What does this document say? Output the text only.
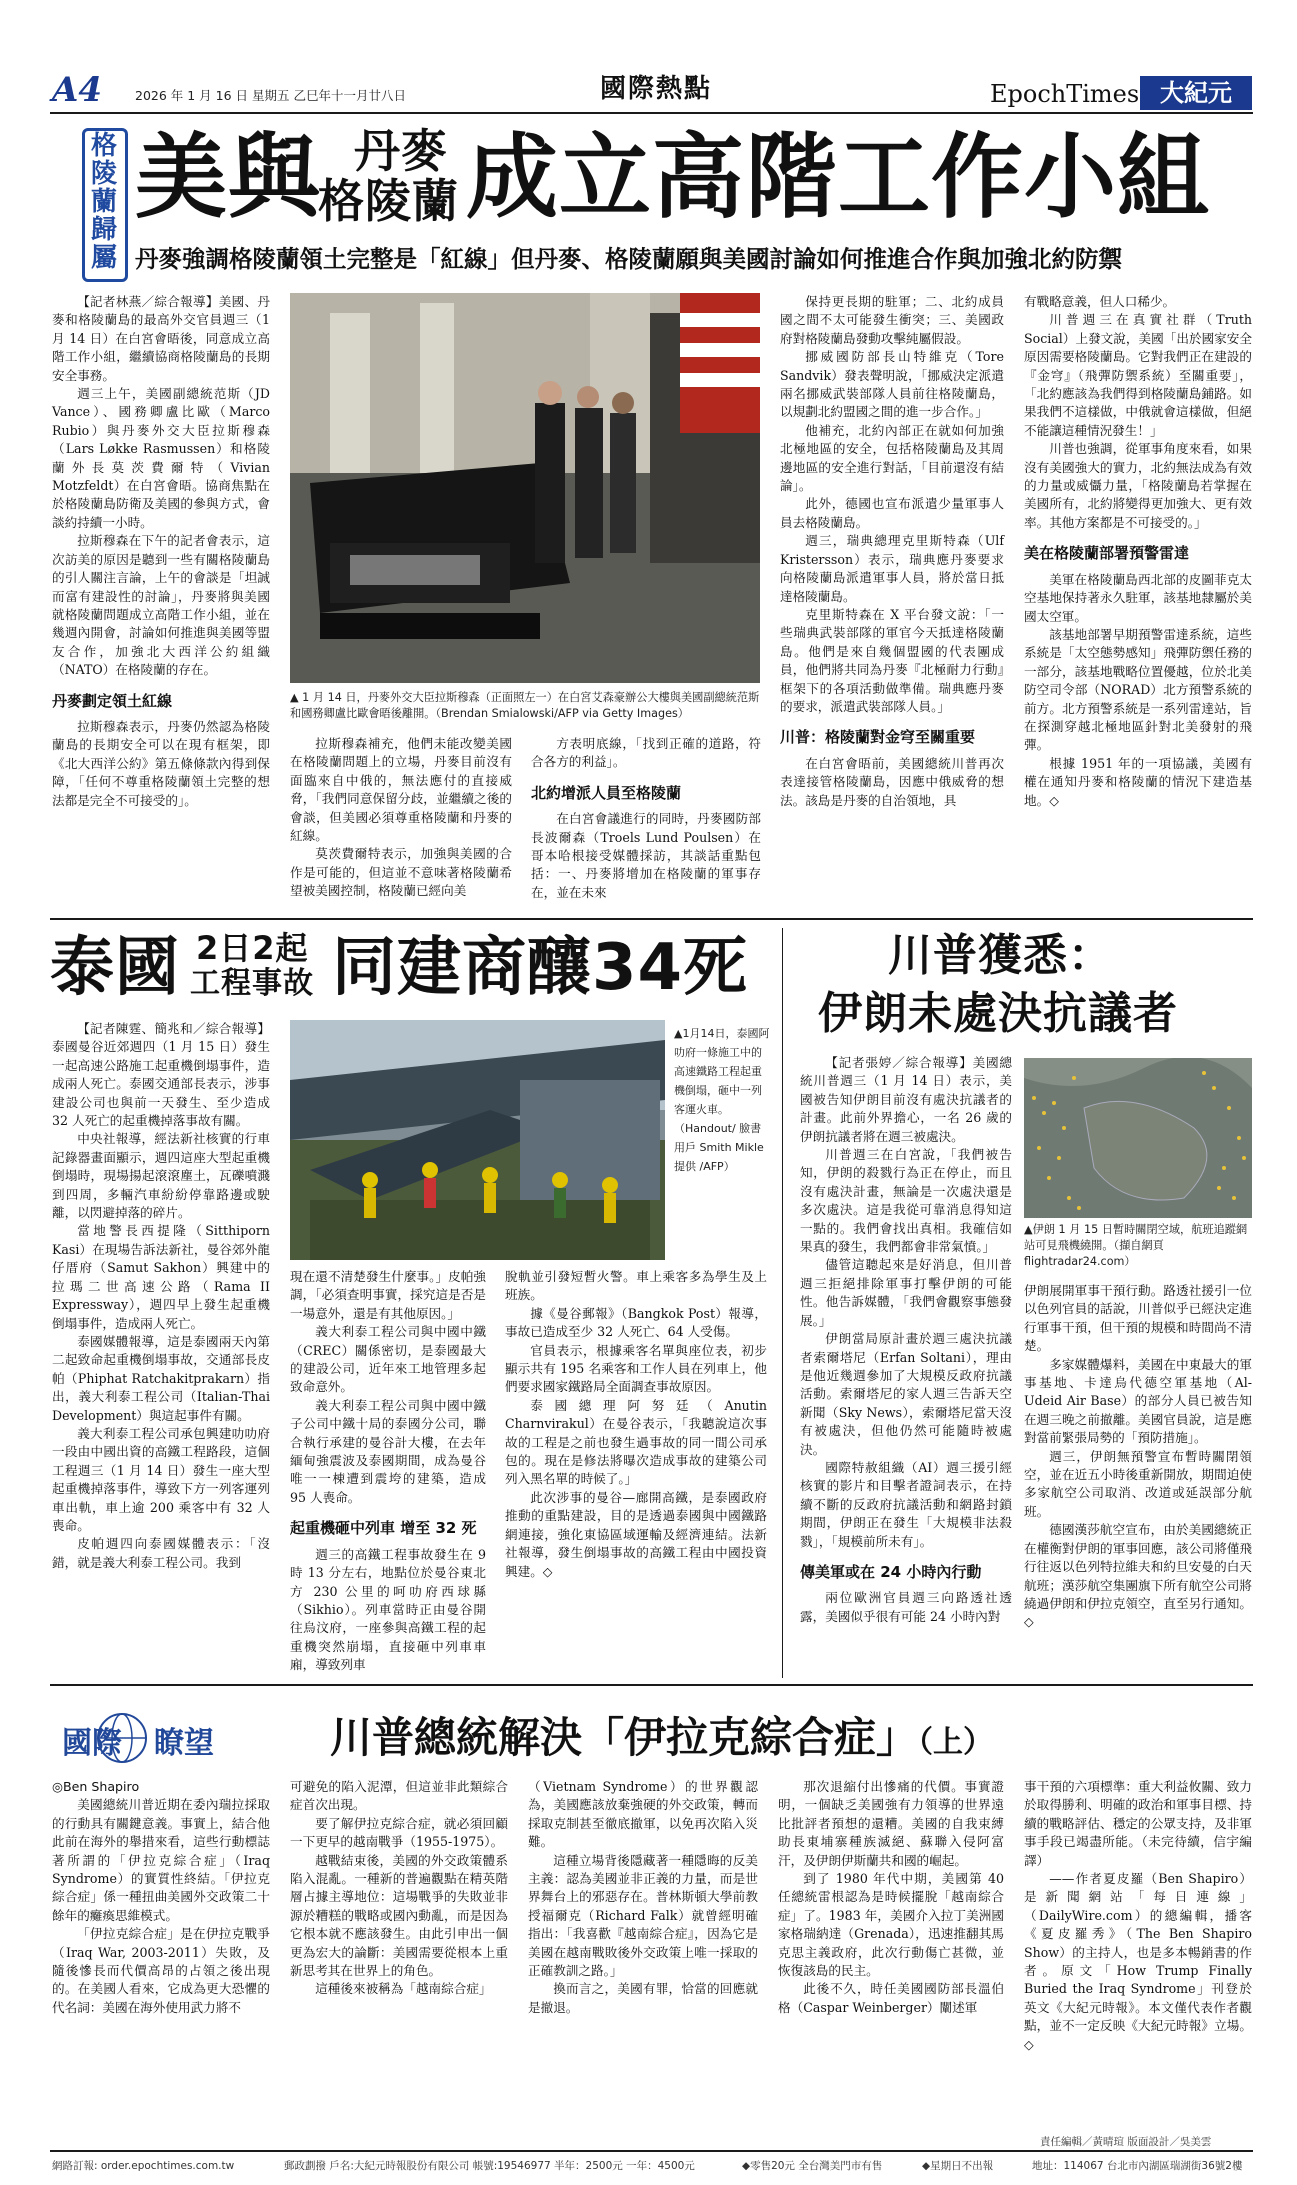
A4	2026 年 1 月 16 日 星期五 乙巳年十一月廿八日	國際熱點	EpochTimes 大紀元
格陵蘭歸屬
美與 丹麥
格陵蘭 成立高階工作小組
丹麥強調格陵蘭領土完整是「紅線」但丹麥、格陵蘭願與美國討論如何推進合作與加強北約防禦

【記者林燕／綜合報導】美國、丹麥和格陵蘭島的最高外交官員週三（1 月 14 日）在白宮會晤後，同意成立高階工作小組，繼續協商格陵蘭島的長期安全事務。

週三上午，美國副總統范斯（JD Vance）、國務卿盧比歐（Marco Rubio）與丹麥外交大臣拉斯穆森（Lars Løkke Rasmussen）和格陵蘭外長莫茨費爾特（Vivian Motzfeldt）在白宮會晤。協商焦點在於格陵蘭島防衛及美國的參與方式，會談約持續一小時。

拉斯穆森在下午的記者會表示，這次訪美的原因是聽到一些有關格陵蘭島的引人關注言論，上午的會談是「坦誠而富有建設性的討論」，丹麥將與美國就格陵蘭問題成立高階工作小組，並在幾週內開會，討論如何推進與美國等盟友合作，加強北大西洋公約組織（NATO）在格陵蘭的存在。

丹麥劃定領土紅線

拉斯穆森表示，丹麥仍然認為格陵蘭島的長期安全可以在現有框架，即《北大西洋公約》第五條條款內得到保障，「任何不尊重格陵蘭領土完整的想法都是完全不可接受的」。

▲ 1 月 14 日，丹麥外交大臣拉斯穆森（正面照左一）在白宮艾森豪辦公大樓與美國副總統范斯和國務卿盧比歐會晤後離開。（Brendan Smialowski/AFP via Getty Images）

拉斯穆森補充，他們未能改變美國在格陵蘭問題上的立場，丹麥目前沒有面臨來自中俄的，無法應付的直接威脅，「我們同意保留分歧，並繼續之後的會談，但美國必須尊重格陵蘭和丹麥的紅線。

莫茨費爾特表示，加強與美國的合作是可能的，但這並不意味著格陵蘭希望被美國控制，格陵蘭已經向美

方表明底線，「找到正確的道路，符合各方的利益」。

北約增派人員至格陵蘭

在白宮會議進行的同時，丹麥國防部長波爾森（Troels Lund Poulsen）在哥本哈根接受媒體採訪，其談話重點包括：一、丹麥將增加在格陵蘭的軍事存在，並在未來

保持更長期的駐軍；二、北約成員國之間不太可能發生衝突；三、美國政府對格陵蘭島發動攻擊純屬假設。

挪威國防部長山特維克（Tore Sandvik）發表聲明說，「挪威決定派遣兩名挪威武裝部隊人員前往格陵蘭島，以規劃北約盟國之間的進一步合作。」

他補充，北約內部正在就如何加強北極地區的安全，包括格陵蘭島及其周邊地區的安全進行對話，「目前還沒有結論」。

此外，德國也宣布派遣少量軍事人員去格陵蘭島。

週三，瑞典總理克里斯特森（Ulf Kristersson）表示，瑞典應丹麥要求向格陵蘭島派遣軍事人員，將於當日抵達格陵蘭島。

克里斯特森在 X 平台發文說：「一些瑞典武裝部隊的軍官今天抵達格陵蘭島。他們是來自幾個盟國的代表團成員，他們將共同為丹麥『北極耐力行動』框架下的各項活動做準備。瑞典應丹麥的要求，派遣武裝部隊人員。」

川普：格陵蘭對金穹至關重要

在白宮會晤前，美國總統川普再次表達接管格陵蘭島，因應中俄威脅的想法。該島是丹麥的自治領地，具

有戰略意義，但人口稀少。

川普週三在真實社群（Truth Social）上發文說，美國「出於國家安全原因需要格陵蘭島。它對我們正在建設的『金穹』（飛彈防禦系統）至關重要」，「北約應該為我們得到格陵蘭島鋪路。如果我們不這樣做，中俄就會這樣做，但絕不能讓這種情況發生！」

川普也強調，從軍事角度來看，如果沒有美國強大的實力，北約無法成為有效的力量或威懾力量，「格陵蘭島若掌握在美國所有，北約將變得更加強大、更有效率。其他方案都是不可接受的。」

美在格陵蘭部署預警雷達

美軍在格陵蘭島西北部的皮圖菲克太空基地保持著永久駐軍，該基地隸屬於美國太空軍。

該基地部署早期預警雷達系統，這些系統是「太空態勢感知」飛彈防禦任務的一部分，該基地戰略位置優越，位於北美防空司令部（NORAD）北方預警系統的前方。北方預警系統是一系列雷達站，旨在探測穿越北極地區針對北美發射的飛彈。

根據 1951 年的一項協議，美國有權在通知丹麥和格陵蘭的情況下建造基地。◇

泰國 2日2起
工程事故 同建商釀34死

【記者陳霆、簡兆和／綜合報導】泰國曼谷近郊週四（1 月 15 日）發生一起高速公路施工起重機倒塌事件，造成兩人死亡。泰國交通部長表示，涉事建設公司也與前一天發生、至少造成 32 人死亡的起重機掉落事故有關。

中央社報導，經法新社核實的行車記錄器畫面顯示，週四這座大型起重機倒塌時，現場揚起滾滾塵土，瓦礫噴濺到四周，多輛汽車紛紛停靠路邊或駛離，以閃避掉落的碎片。

當地警長西提隆（Sitthiporn Kasi）在現場告訴法新社，曼谷郊外龍仔厝府（Samut Sakhon）興建中的拉瑪二世高速公路（Rama II Expressway），週四早上發生起重機倒塌事件，造成兩人死亡。

泰國媒體報導，這是泰國兩天內第二起致命起重機倒塌事故，交通部長皮帕（Phiphat Ratchakitprakarn）指出，義大利泰工程公司（Italian-Thai Development）與這起事件有關。

義大利泰工程公司承包興建叻叻府一段由中國出資的高鐵工程路段，這個工程週三（1 月 14 日）發生一座大型起重機掉落事件，導致下方一列客運列車出軌，車上逾 200 乘客中有 32 人喪命。

皮帕週四向泰國媒體表示：「沒錯，就是義大利泰工程公司。我到

▲1月14日，泰國阿叻府一條施工中的高速鐵路工程起重機倒塌，砸中一列客運火車。（Handout/ 臉書用戶 Smith Mikle 提供 /AFP）

現在還不清楚發生什麼事。」皮帕強調，「必須查明事實，採究這是否是一場意外，還是有其他原因。」

義大利泰工程公司與中國中鐵（CREC）關係密切，是泰國最大的建設公司，近年來工地管理多起致命意外。

義大利泰工程公司與中國中鐵子公司中鐵十局的泰國分公司，聯合執行承建的曼谷計大樓，在去年緬甸強震波及泰國期間，成為曼谷唯一一棟遭到震垮的建築，造成 95 人喪命。

起重機砸中列車 增至 32 死

週三的高鐵工程事故發生在 9 時 13 分左右，地點位於曼谷東北方 230 公里的呵叻府西球縣（Sikhio）。列車當時正由曼谷開往烏汶府，一座參與高鐵工程的起重機突然崩塌，直接砸中列車車廂，導致列車

脫軌並引發短暫火警。車上乘客多為學生及上班族。

據《曼谷郵報》（Bangkok Post）報導，事故已造成至少 32 人死亡、64 人受傷。

官員表示，根據乘客名單與座位表，初步顯示共有 195 名乘客和工作人員在列車上，他們要求國家鐵路局全面調查事故原因。

泰國總理阿努廷（Anutin Charnvirakul）在曼谷表示，「我聽說這次事故的工程是之前也發生過事故的同一間公司承包的。現在是修法將曝次造成事故的建築公司列入黑名單的時候了。」

此次涉事的曼谷—廊開高鐵，是泰國政府推動的重點建設，目的是透過泰國與中國鐵路網連接，強化東協區域運輸及經濟連結。法新社報導，發生倒塌事故的高鐵工程由中國投資興建。◇

川普獲悉：
伊朗未處決抗議者

【記者張婷／綜合報導】美國總統川普週三（1 月 14 日）表示，美國被告知伊朗目前沒有處決抗議者的計畫。此前外界擔心，一名 26 歲的伊朗抗議者將在週三被處決。

川普週三在白宮說，「我們被告知，伊朗的殺戮行為正在停止，而且沒有處決計畫，無論是一次處決還是多次處決。這是我從可靠消息得知這一點的。我們會找出真相。我確信如果真的發生，我們都會非常氣憤。」

儘管這聽起來是好消息，但川普週三拒絕排除軍事打擊伊朗的可能性。他告訴媒體，「我們會觀察事態發展。」

伊朗當局原計畫於週三處決抗議者索爾塔尼（Erfan Soltani），理由是他近幾週參加了大規模反政府抗議活動。索爾塔尼的家人週三告訴天空新聞（Sky News），索爾塔尼當天沒有被處決，但他仍然可能隨時被處決。

國際特赦組織（AI）週三援引經核實的影片和目擊者證詞表示，在持續不斷的反政府抗議活動和網路封鎖期間，伊朗正在發生「大規模非法殺戮」，「規模前所未有」。

傳美軍或在 24 小時內行動

兩位歐洲官員週三向路透社透露，美國似乎很有可能 24 小時內對

▲伊朗 1 月 15 日暫時關閉空域，航班追蹤網站可見飛機繞開。（擷自網頁 flightradar24.com）

伊朗展開軍事干預行動。路透社援引一位以色列官員的話說，川普似乎已經決定進行軍事干預，但干預的規模和時間尚不清楚。

多家媒體爆料，美國在中東最大的軍事基地、卡達烏代德空軍基地（Al-Udeid Air Base）的部分人員已被告知在週三晚之前撤離。美國官員說，這是應對當前緊張局勢的「預防措施」。

週三，伊朗無預警宣布暫時關閉領空，並在近五小時後重新開放，期間迫使多家航空公司取消、改道或延誤部分航班。

德國漢莎航空宣布，由於美國總統正在權衡對伊朗的軍事回應，該公司將僅飛行往返以色列特拉維夫和約旦安曼的白天航班；漢莎航空集團旗下所有航空公司將繞過伊朗和伊拉克領空，直至另行通知。◇

國際 瞭望	川普總統解決「伊拉克綜合症」（上）

◎Ben Shapiro

美國總統川普近期在委內瑞拉採取的行動具有關鍵意義。事實上，結合他此前在海外的舉措來看，這些行動標誌著所謂的「伊拉克綜合症」（Iraq Syndrome）的實質性終結。「伊拉克綜合症」係一種扭曲美國外交政策二十餘年的癱瘓思維模式。

「伊拉克綜合症」是在伊拉克戰爭（Iraq War, 2003-2011）失敗，及隨後慘長而代價高昂的占領之後出現的。在美國人看來，它成為更大恐懼的代名詞：美國在海外使用武力將不

可避免的陷入泥潭，但這並非此類綜合症首次出現。

要了解伊拉克綜合症，就必須回顧一下更早的越南戰爭（1955-1975）。

越戰結束後，美國的外交政策體系陷入混亂。一種新的普遍觀點在精英階層占據主導地位：這場戰爭的失敗並非源於糟糕的戰略或國內動亂，而是因為它根本就不應該發生。由此引申出一個更為宏大的論斷：美國需要從根本上重新思考其在世界上的角色。

這種後來被稱為「越南綜合症」

（Vietnam Syndrome）的世界觀認為，美國應該放棄強硬的外交政策，轉而採取克制甚至徹底撤軍，以免再次陷入災難。

這種立場背後隱藏著一種隱晦的反美主義：認為美國並非正義的力量，而是世界舞台上的邪惡存在。普林斯頓大學前教授福爾克（Richard Falk）就曾經明確指出：「我喜歡『越南綜合症』，因為它是美國在越南戰敗後外交政策上唯一採取的正確教訓之路。」

換而言之，美國有罪，恰當的回應就是撤退。

那次退縮付出慘痛的代價。事實證明，一個缺乏美國強有力領導的世界遠比批評者預想的還糟。美國的自我束縛助長東埔寨種族滅絕、蘇聯入侵阿富汗，及伊朗伊斯蘭共和國的崛起。

到了 1980 年代中期，美國第 40 任總統雷根認為是時候擺脫「越南綜合症」了。1983 年，美國介入拉丁美洲國家格瑞納達（Grenada），迅速推翻其馬克思主義政府，此次行動傷亡甚微，並恢復該島的民主。

此後不久，時任美國國防部長溫伯格（Caspar Weinberger）闡述軍

事干預的六項標準：重大利益攸關、致力於取得勝利、明確的政治和軍事目標、持續的戰略評估、穩定的公眾支持，及非軍事手段已竭盡所能。（未完待續，信宇編譯）

——作者夏皮羅（Ben Shapiro）是新聞網站「每日連線」（DailyWire.com）的總編輯，播客《夏皮羅秀》（The Ben Shapiro Show）的主持人，也是多本暢銷書的作者。原文「How Trump Finally Buried the Iraq Syndrome」刊登於英文《大紀元時報》。本文僅代表作者觀點，並不一定反映《大紀元時報》立場。◇

責任編輯／黃晴瑄 版面設計／吳美雲
網路訂報: order.epochtimes.com.tw	郵政劃撥 戶名:大紀元時報股份有限公司 帳號:19546977 半年：2500元 一年：4500元	◆零售20元 全台灣美門市有售	◆星期日不出報	地址：114067 台北市內湖區瑞湖街36號2樓
